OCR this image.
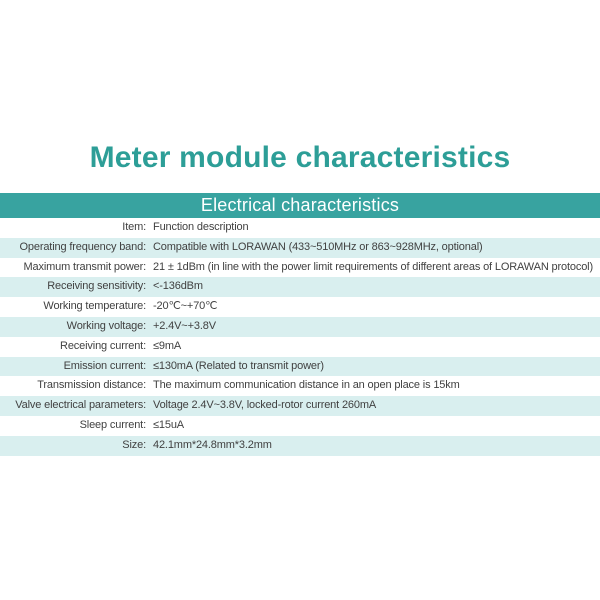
Meter module characteristics
Electrical characteristics
Item: Function description
Operating frequency band: Compatible with LORAWAN (433~510MHz or 863~928MHz, optional)
Maximum transmit power: 21 ± 1dBm (in line with the power limit requirements of different areas of LORAWAN protocol)
Receiving sensitivity: <-136dBm
Working temperature: -20℃~+70℃
Working voltage: +2.4V~+3.8V
Receiving current: ≤9mA
Emission current: ≤130mA (Related to transmit power)
Transmission distance: The maximum communication distance in an open place is 15km
Valve electrical parameters: Voltage 2.4V~3.8V, locked-rotor current 260mA
Sleep current: ≤15uA
Size: 42.1mm*24.8mm*3.2mm
